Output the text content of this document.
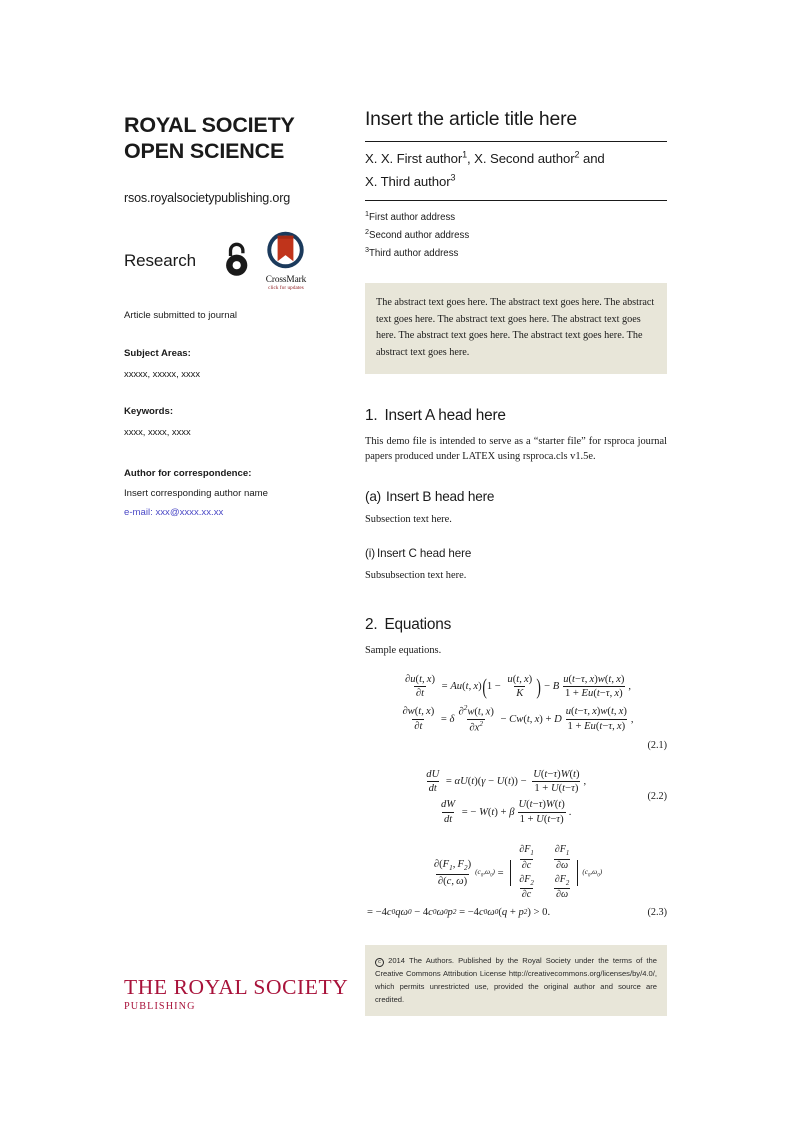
ROYAL SOCIETY
OPEN SCIENCE
rsos.royalsocietypublishing.org
Research
CrossMark
click for updates
Article submitted to journal
Subject Areas:
xxxxx, xxxxx, xxxx
Keywords:
xxxx, xxxx, xxxx
Author for correspondence:
Insert corresponding author name
e-mail: xxx@xxxx.xx.xx
THE ROYAL SOCIETY
PUBLISHING
Insert the article title here
X. X. First author$^1$, X. Second author$^2$ and
X. Third author$^3$
$^1$First author address
$^2$Second author address
$^3$Third author address
The abstract text goes here. The abstract text goes here. The abstract text goes here. The abstract text goes here. The abstract text goes here. The abstract text goes here. The abstract text goes here. The abstract text goes here.
1. Insert A head here

This demo file is intended to serve as a “starter file” for rsproca journal papers produced under LATEX using rsproca.cls v1.5e.

(a) Insert B head here

Subsection text here.

(i) Insert C head here

Subsubsection text here.

2. Equations

Sample equations.

$\frac{\partial u(t, x)}{\partial t} = Au$ ( t ,  x ) ( $1 - \frac{u(t, x)}{K}$ ) − B $\frac{u(t-\tau, x)w(t, x)}{1 + Eu(t-\tau, x)}$ ,
$\frac{\partial w(t, x)}{\partial t} = \delta \frac{\partial^2w(t, x)}{\partial x^2} - Cw$ ( t ,  x ) + D $\frac{u(t-\tau, x)w(t, x)}{1 + Eu(t-\tau, x)}$ ,
(2.1)
$\frac{dU}{dt} = \alpha U$ ( t )( γ − U ( t )) − $\frac{U(t-\tau)W(t)}{1 + U(t-\tau)}$ ,
$\frac{dW}{dt}$ = − W ( t ) + β $\frac{U(t-\tau)W(t)}{1 + U(t-\tau)}$ .
(2.2)
$\frac{\partial(F_1, F_2)}{\partial(c, \omega)} (c_0,\omega_0)$ =
$\frac{\partial F_1}{\partial c} \frac{\partial F_1}{\partial\omega}$
$\frac{\partial F_2}{\partial c} \frac{\partial F_2}{\partial\omega}$
$(c_0,\omega_0)$
= −4 c 0 qω 0 − 4 c 0 ω 0 p 2 = −4 c 0 ω 0 ( q + p 2 ) > 0.	(2.3)
c 2014 The Authors. Published by the Royal Society under the terms of the Creative Commons Attribution License http://creativecommons.org/licenses/by/4.0/, which permits unrestricted use, provided the original author and source are credited.
